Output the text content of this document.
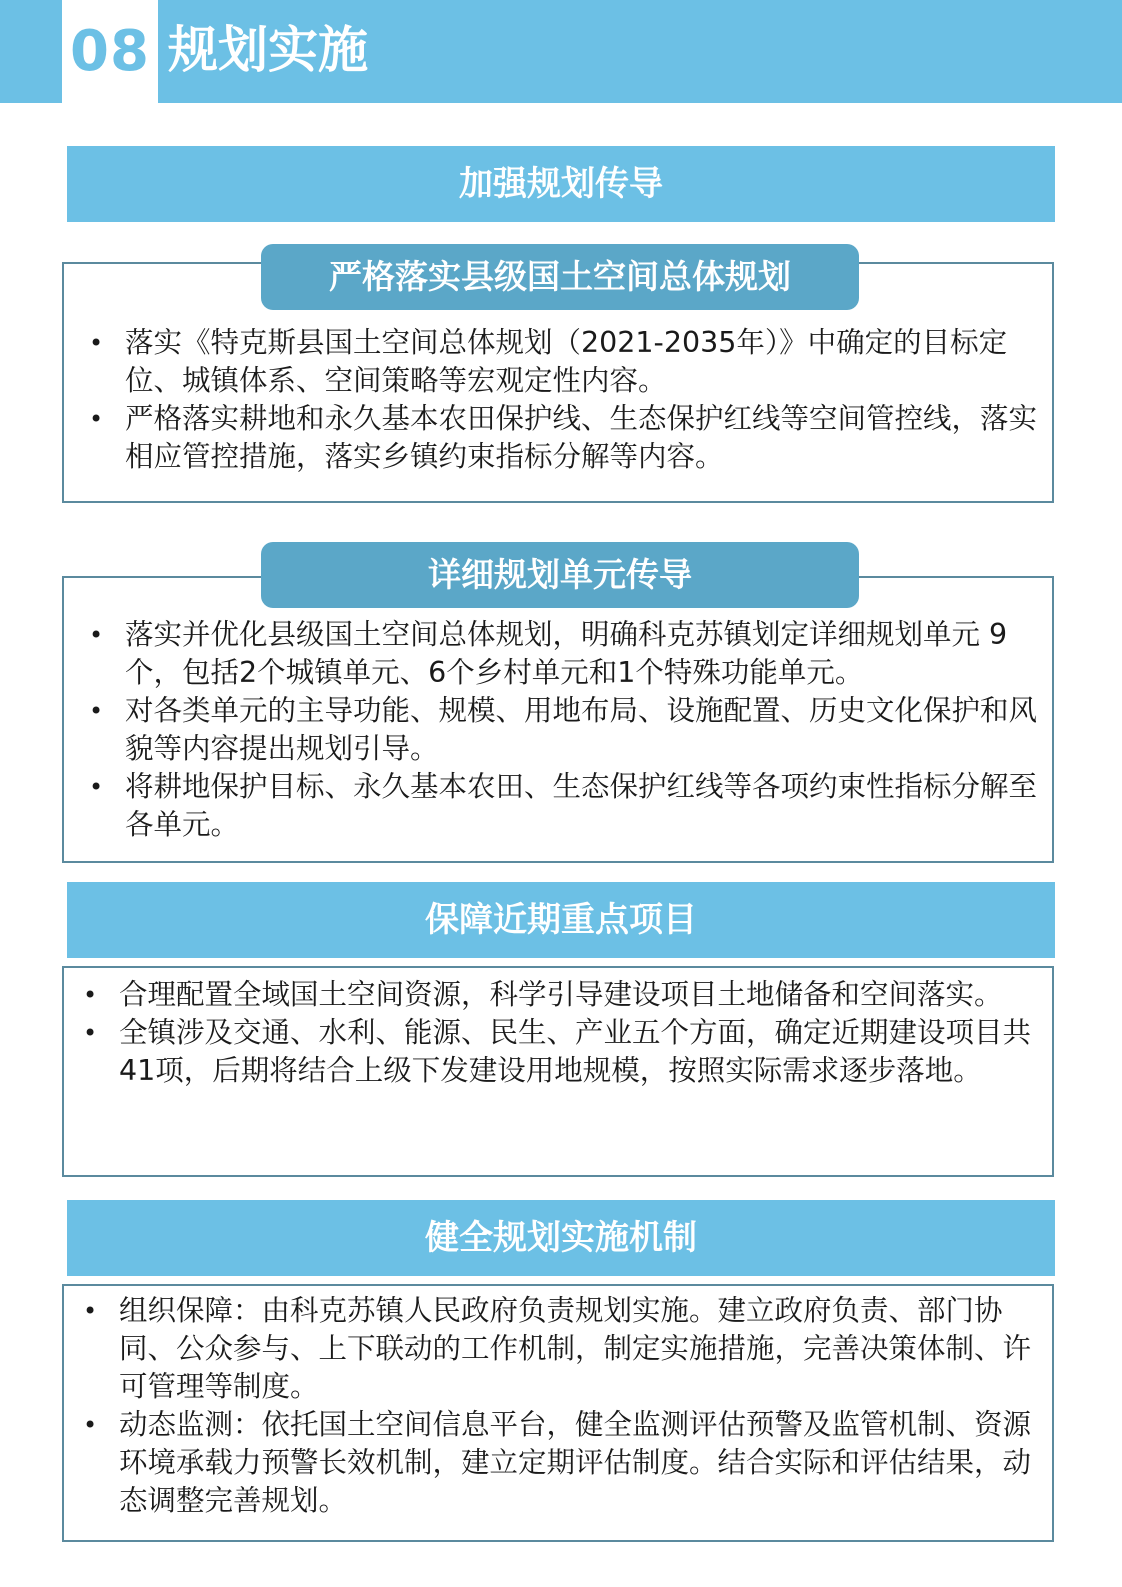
08 规划实施
加强规划传导
• 落实《特克斯县国土空间总体规划（2021-2035年）》中确定的目标定位、城镇体系、空间策略等宏观定性内容。
• 严格落实耕地和永久基本农田保护线、生态保护红线等空间管控线，落实相应管控措施，落实乡镇约束指标分解等内容。
严格落实县级国土空间总体规划
• 落实并优化县级国土空间总体规划，明确科克苏镇划定详细规划单元 9 个，包括2个城镇单元、6个乡村单元和1个特殊功能单元。
• 对各类单元的主导功能、规模、用地布局、设施配置、历史文化保护和风貌等内容提出规划引导。
• 将耕地保护目标、永久基本农田、生态保护红线等各项约束性指标分解至各单元。
详细规划单元传导
保障近期重点项目
• 合理配置全域国土空间资源，科学引导建设项目土地储备和空间落实。
• 全镇涉及交通、水利、能源、民生、产业五个方面，确定近期建设项目共41项，后期将结合上级下发建设用地规模，按照实际需求逐步落地。
健全规划实施机制
• 组织保障：由科克苏镇人民政府负责规划实施。建立政府负责、部门协同、公众参与、上下联动的工作机制，制定实施措施，完善决策体制、许可管理等制度。
• 动态监测：依托国土空间信息平台，健全监测评估预警及监管机制、资源环境承载力预警长效机制，建立定期评估制度。结合实际和评估结果，动态调整完善规划。
